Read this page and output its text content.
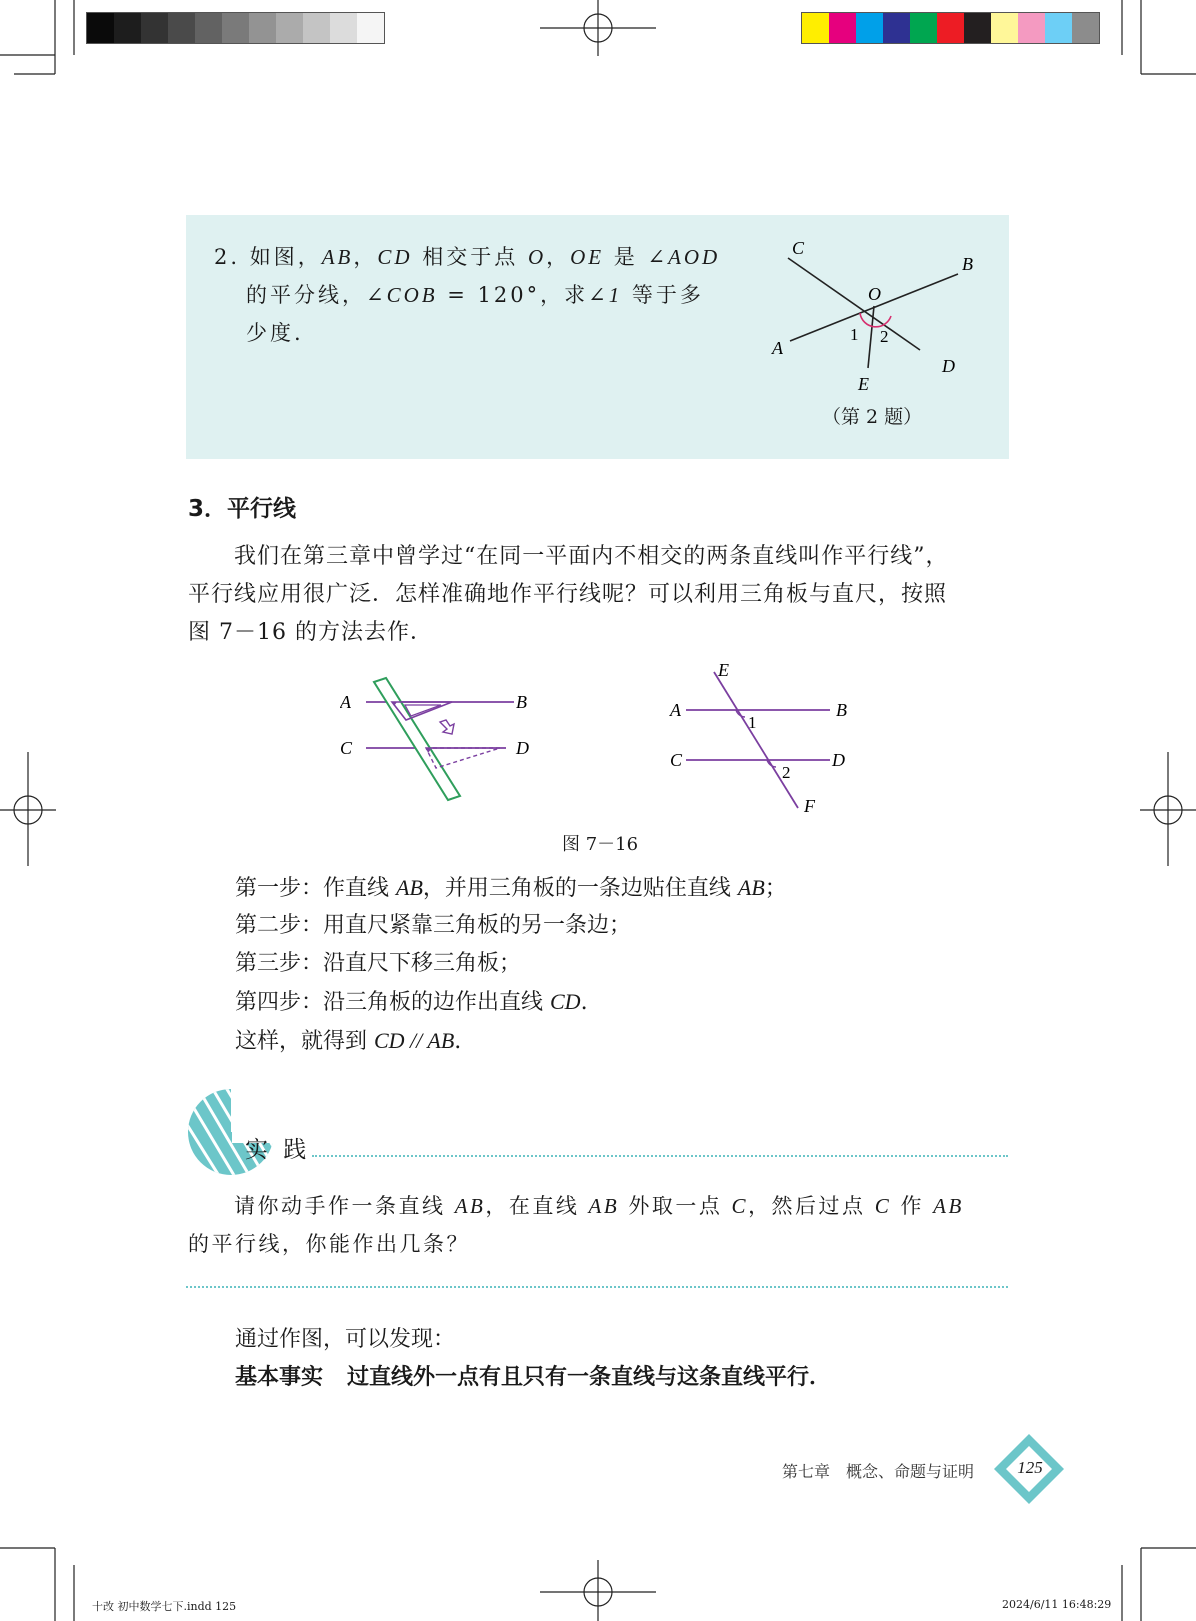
2. 如图，AB，CD 相交于点 O，OE 是 ∠AOD
的平分线，∠COB = 120°，求∠1 等于多少度.
C
B
O
A
D
E
1 2
（第 2 题）
3．平行线
我们在第三章中曾学过“在同一平面内不相交的两条直线叫作平行线”，
平行线应用很广泛．怎样准确地作平行线呢？可以利用三角板与直尺，按照
图 7－16 的方法去作．
A	B
C	D
E
A	B
1
C	D
2
F
图 7－16
第一步：作直线 AB，并用三角板的一条边贴住直线 AB；
第二步：用直尺紧靠三角板的另一条边；
第三步：沿直尺下移三角板；
第四步：沿三角板的边作出直线 CD.
这样，就得到 CD // AB.
实 践
请你动手作一条直线 AB，在直线 AB 外取一点 C，然后过点 C 作 AB
的平行线，你能作出几条？
通过作图，可以发现：
基本事实 过直线外一点有且只有一条直线与这条直线平行．
第七章　概念、命题与证明	125
十改 初中数学七下.indd 125	2024/6/11 16:48:29
